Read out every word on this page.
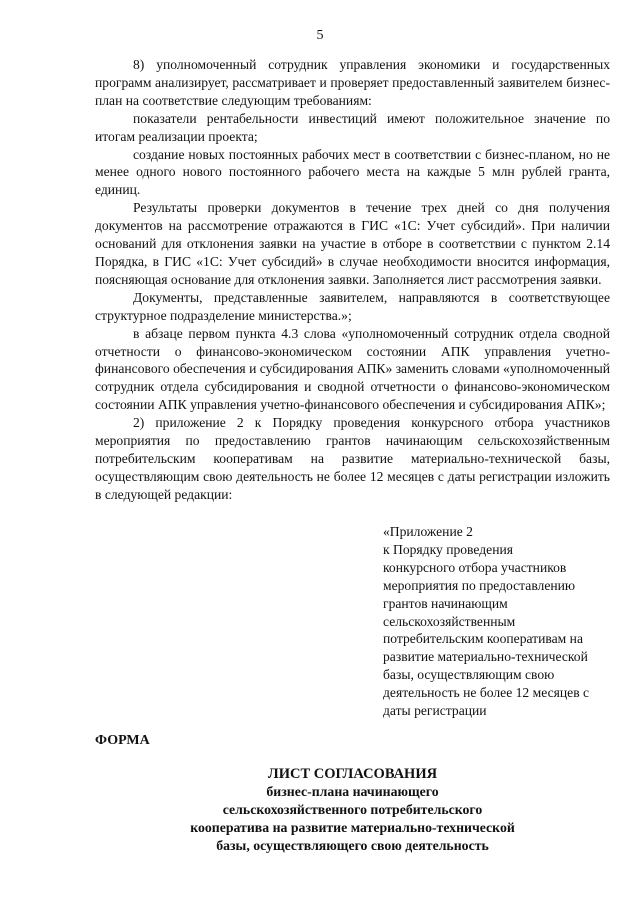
5

8) уполномоченный сотрудник управления экономики и государственных программ анализирует, рассматривает и проверяет предоставленный заявителем бизнес-план на соответствие следующим требованиям:

показатели рентабельности инвестиций имеют положительное значение по итогам реализации проекта;

создание новых постоянных рабочих мест в соответствии с бизнес-планом, но не менее одного нового постоянного рабочего места на каждые 5 млн рублей гранта, единиц.

Результаты проверки документов в течение трех дней со дня получения документов на рассмотрение отражаются в ГИС «1С: Учет субсидий». При наличии оснований для отклонения заявки на участие в отборе в соответствии с пунктом 2.14 Порядка, в ГИС «1С: Учет субсидий» в случае необходимости вносится информация, поясняющая основание для отклонения заявки. Заполняется лист рассмотрения заявки.

Документы, представленные заявителем, направляются в соответствующее структурное подразделение министерства.»;

в абзаце первом пункта 4.3 слова «уполномоченный сотрудник отдела сводной отчетности о финансово-экономическом состоянии АПК управления учетно-финансового обеспечения и субсидирования АПК» заменить словами «уполномоченный сотрудник отдела субсидирования и сводной отчетности о финансово-экономическом состоянии АПК управления учетно-финансового обеспечения и субсидирования АПК»;

2) приложение 2 к Порядку проведения конкурсного отбора участников мероприятия по предоставлению грантов начинающим сельскохозяйственным потребительским кооперативам на развитие материально-технической базы, осуществляющим свою деятельность не более 12 месяцев с даты регистрации изложить в следующей редакции:

«Приложение 2
к Порядку проведения
конкурсного отбора участников
мероприятия по предоставлению
грантов начинающим
сельскохозяйственным
потребительским кооперативам на
развитие материально-технической
базы, осуществляющим свою
деятельность не более 12 месяцев с
даты регистрации
ФОРМА
ЛИСТ СОГЛАСОВАНИЯ
бизнес-плана начинающего
сельскохозяйственного потребительского
кооператива на развитие материально-технической
базы, осуществляющего свою деятельность
